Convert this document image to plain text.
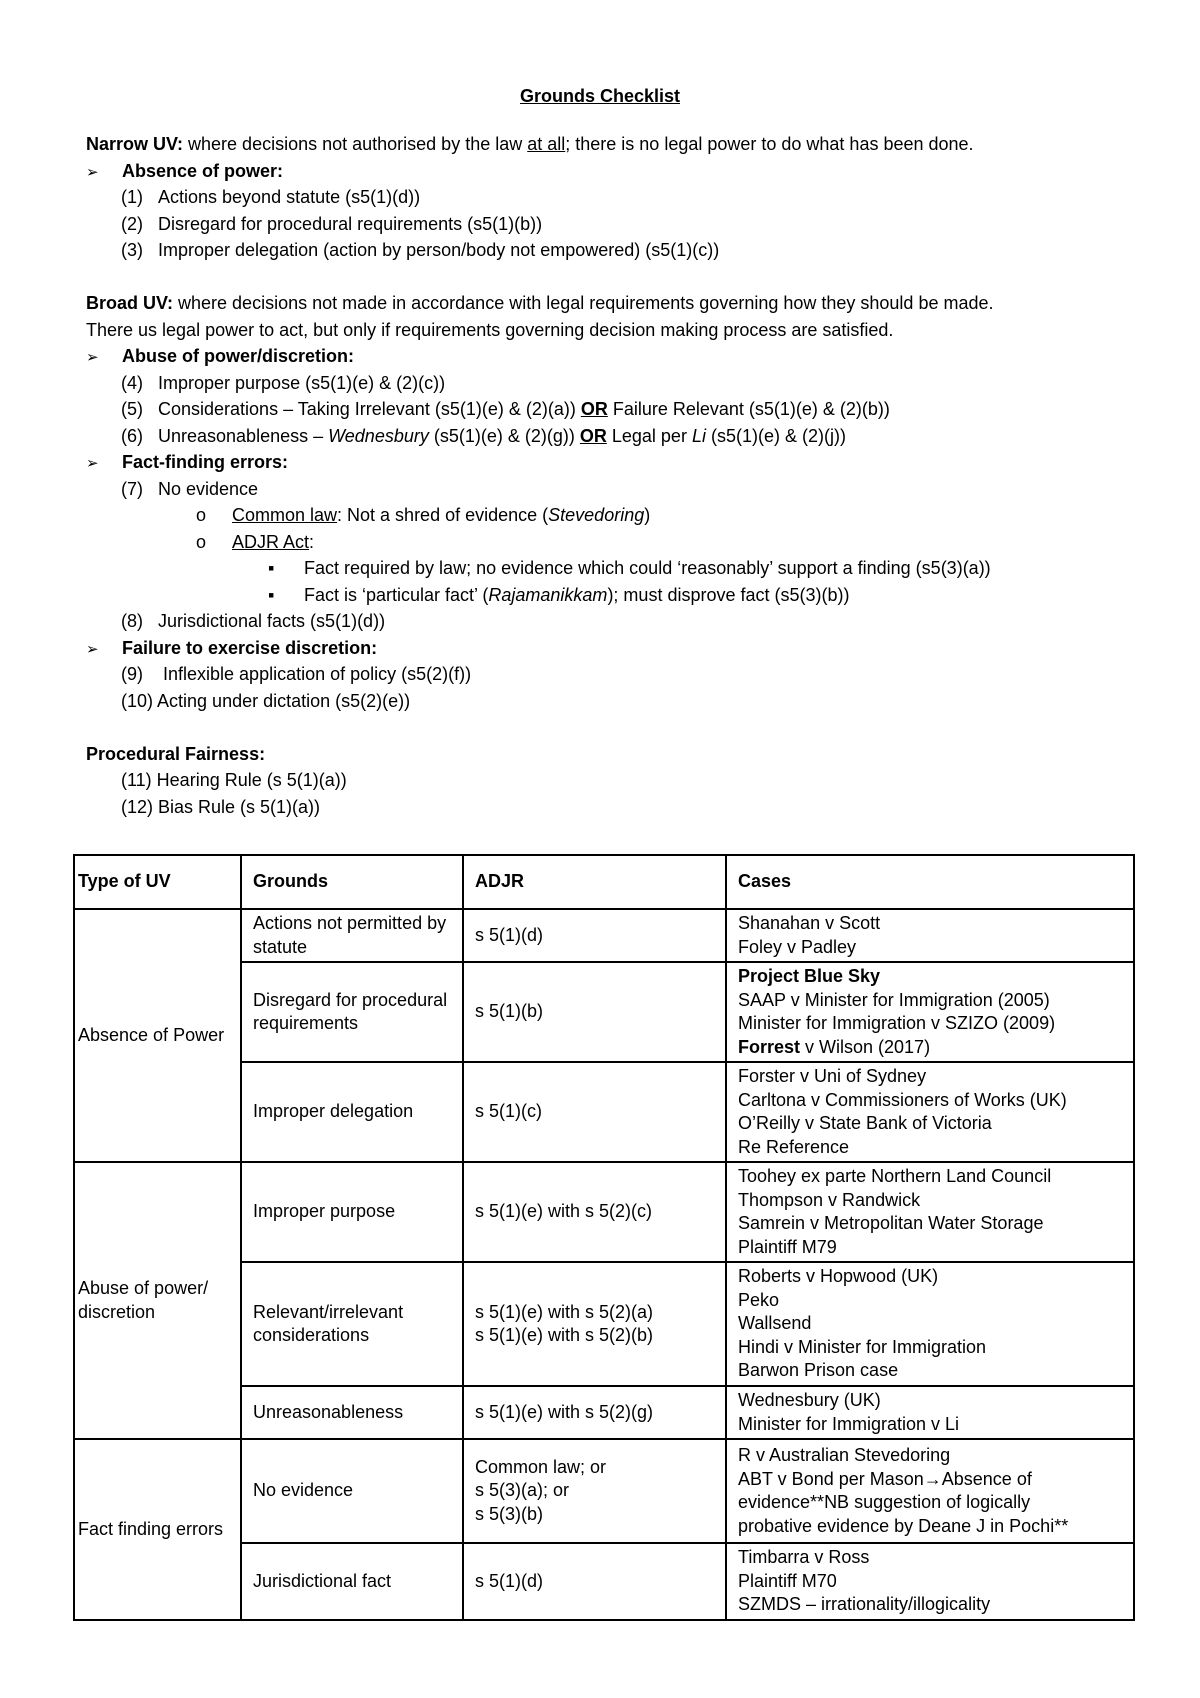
Grounds Checklist
Narrow UV: where decisions not authorised by the law at all; there is no legal power to do what has been done.
➢ Absence of power:
(1) Actions beyond statute (s5(1)(d))
(2) Disregard for procedural requirements (s5(1)(b))
(3) Improper delegation (action by person/body not empowered) (s5(1)(c))
Broad UV: where decisions not made in accordance with legal requirements governing how they should be made.
There us legal power to act, but only if requirements governing decision making process are satisfied.
➢ Abuse of power/discretion:
(4) Improper purpose (s5(1)(e) & (2)(c))
(5) Considerations – Taking Irrelevant (s5(1)(e) & (2)(a)) OR Failure Relevant (s5(1)(e) & (2)(b))
(6) Unreasonableness – Wednesbury (s5(1)(e) & (2)(g)) OR Legal per Li (s5(1)(e) & (2)(j))
➢ Fact-finding errors:
(7) No evidence
o Common law: Not a shred of evidence (Stevedoring)
o ADJR Act:
▪ Fact required by law; no evidence which could ‘reasonably’ support a finding (s5(3)(a))
▪ Fact is ‘particular fact’ (Rajamanikkam); must disprove fact (s5(3)(b))
(8) Jurisdictional facts (s5(1)(d))
➢ Failure to exercise discretion:
(9) Inflexible application of policy (s5(2)(f))
(10) Acting under dictation (s5(2)(e))
Procedural Fairness:
(11) Hearing Rule (s 5(1)(a))
(12) Bias Rule (s 5(1)(a))
Type of UV	Grounds	ADJR	Cases
Absence of Power	Actions not permitted by statute	s 5(1)(d)	Shanahan v Scott
Foley v Padley

	Disregard for procedural requirements	s 5(1)(b)	Project Blue Sky
SAAP v Minister for Immigration (2005)
Minister for Immigration v SZIZO (2009)
Forrest v Wilson (2017)

	Improper delegation	s 5(1)(c)	Forster v Uni of Sydney
Carltona v Commissioners of Works (UK)
O’Reilly v State Bank of Victoria
Re Reference

Abuse of power/ discretion	Improper purpose	s 5(1)(e) with s 5(2)(c)	Toohey ex parte Northern Land Council
Thompson v Randwick
Samrein v Metropolitan Water Storage
Plaintiff M79

	Relevant/irrelevant considerations	s 5(1)(e) with s 5(2)(a)
s 5(1)(e) with s 5(2)(b)	Roberts v Hopwood (UK)
Peko
Wallsend
Hindi v Minister for Immigration
Barwon Prison case

	Unreasonableness	s 5(1)(e) with s 5(2)(g)	Wednesbury (UK)
Minister for Immigration v Li

Fact finding errors	No evidence	Common law; or
s 5(3)(a); or
s 5(3)(b)	R v Australian Stevedoring
ABT v Bond per Mason→Absence of
evidence**NB suggestion of logically
probative evidence by Deane J in Pochi**

	Jurisdictional fact	s 5(1)(d)	Timbarra v Ross
Plaintiff M70
SZMDS – irrationality/illogicality
